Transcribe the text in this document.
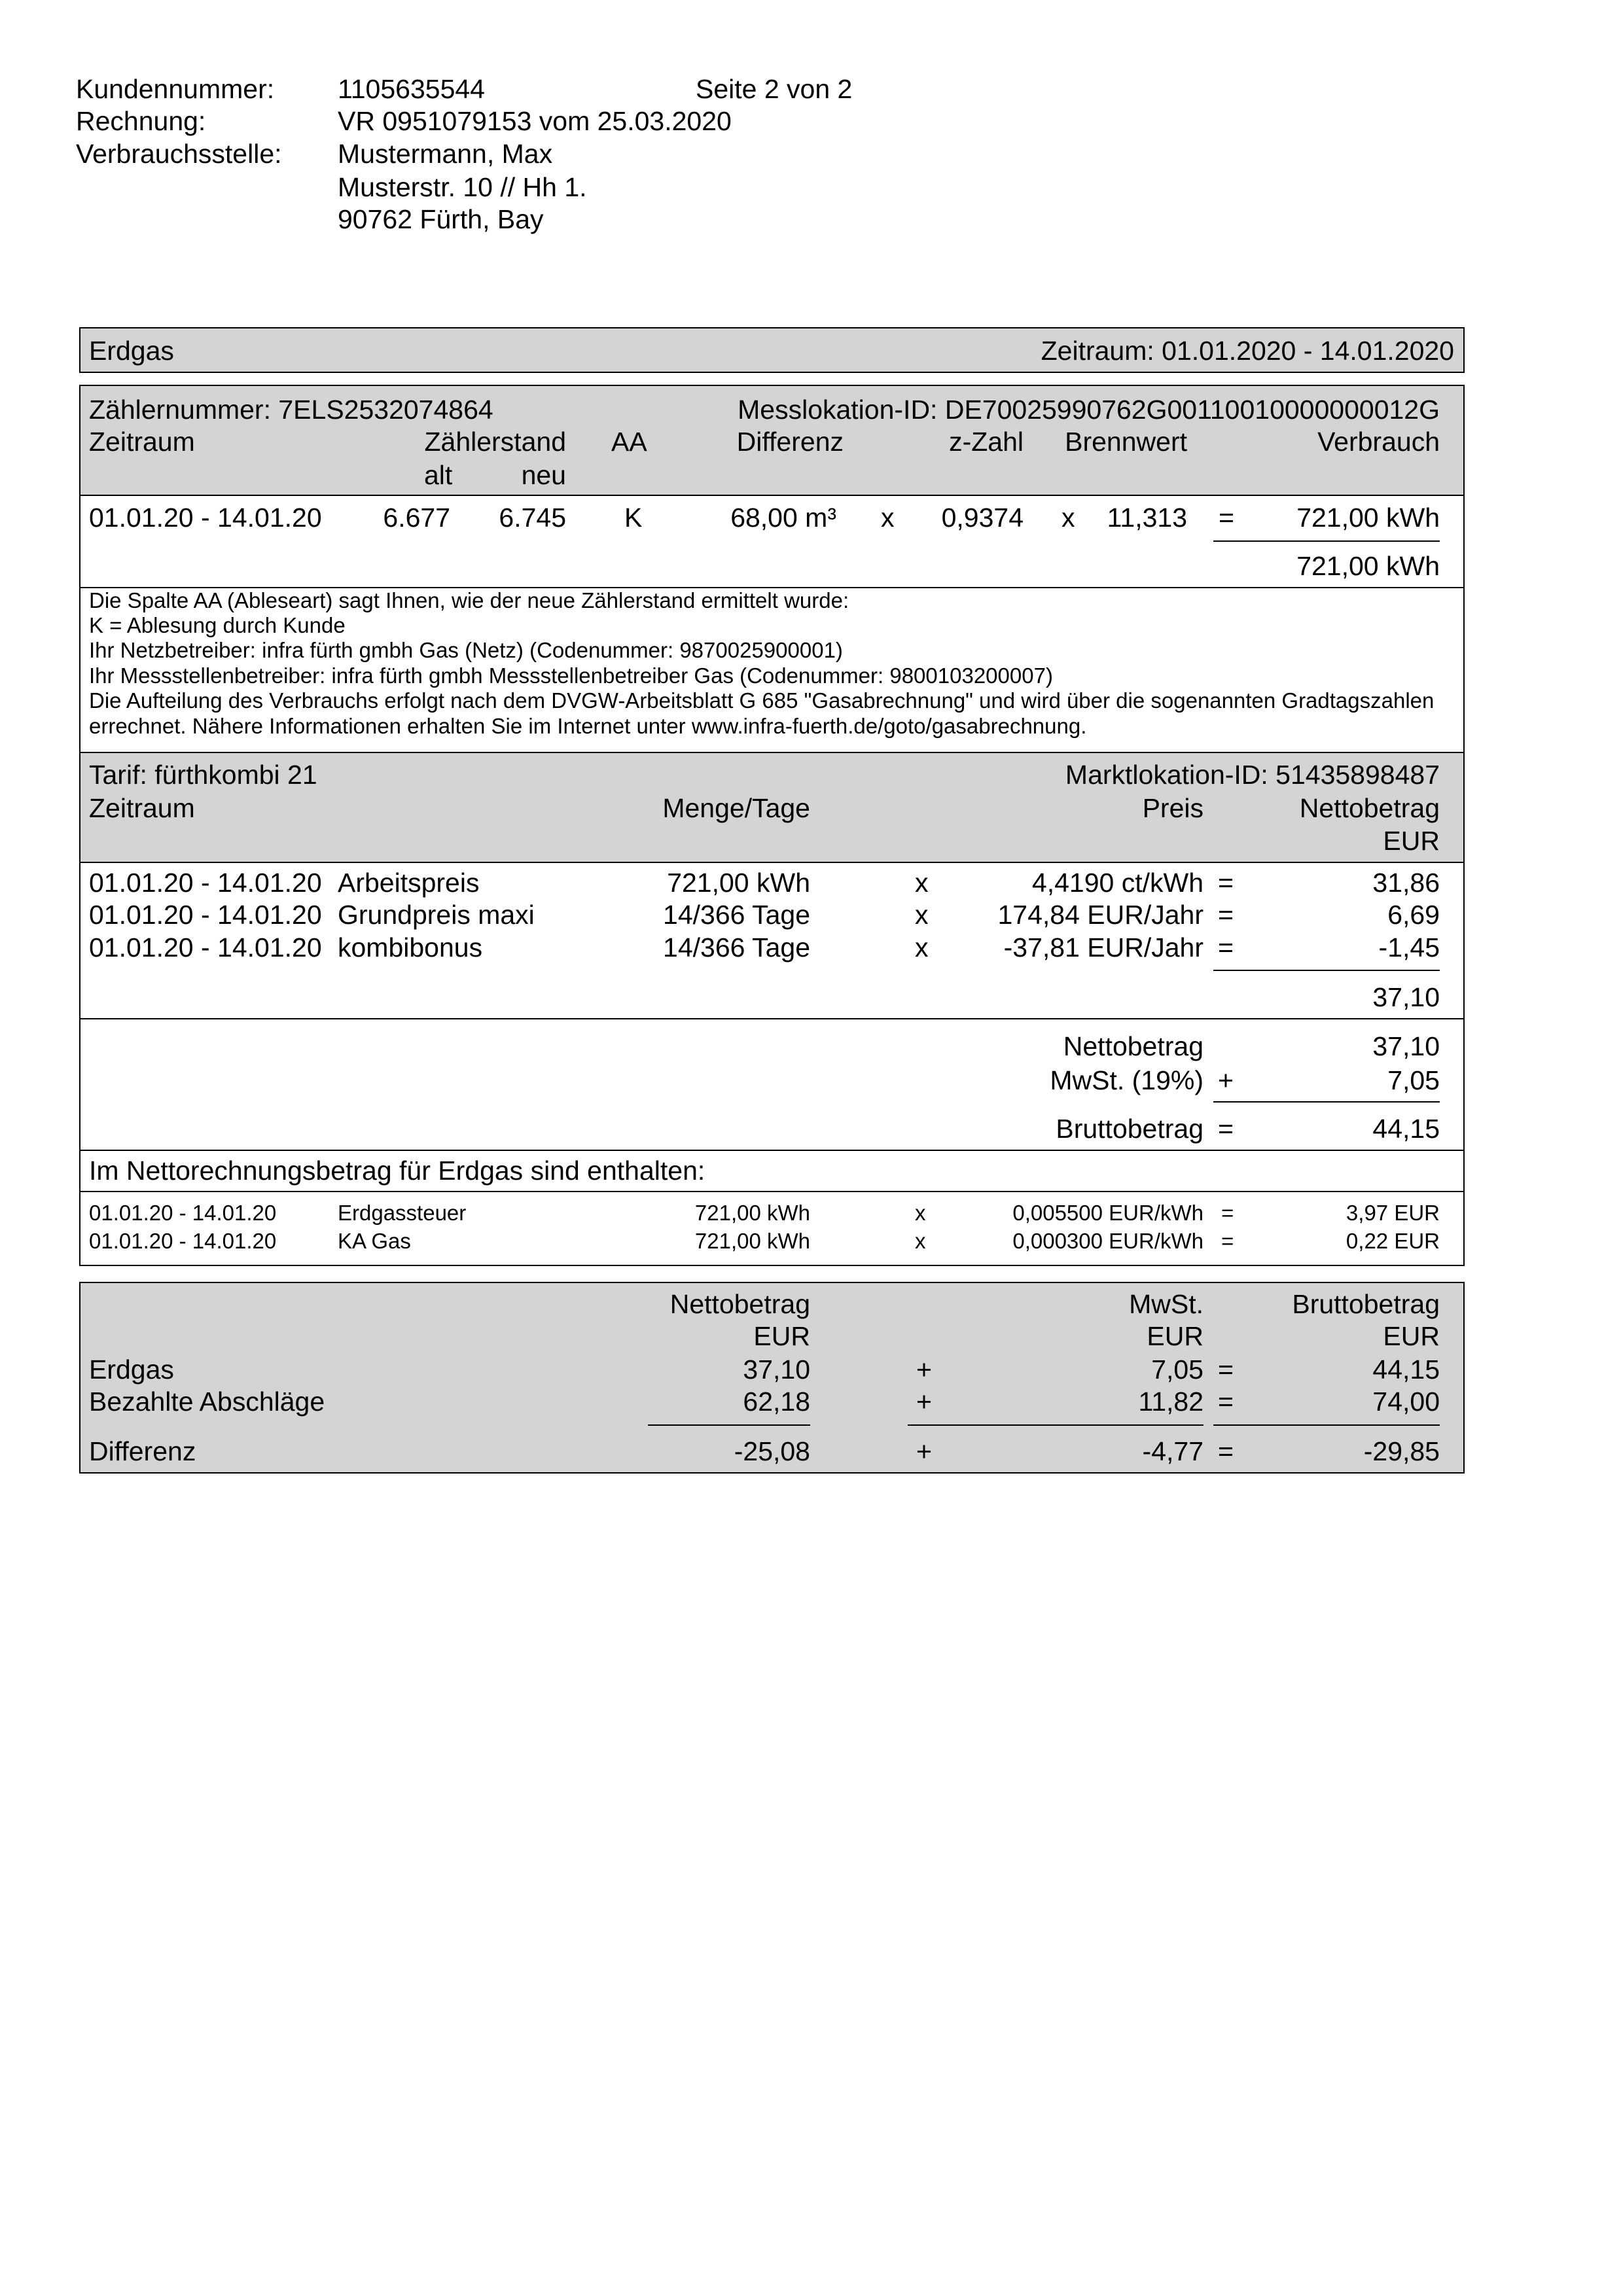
Kundennummer: 1105635544	Seite 2 von 2
Rechnung:	VR 0951079153 vom 25.03.2020
Verbrauchsstelle: Mustermann, Max
Musterstr. 10 // Hh 1.
90762 Fürth, Bay
Erdgas	Zeitraum: 01.01.2020 - 14.01.2020
Zählernummer: 7ELS2532074864	Messlokation-ID: DE70025990762G00110010000000012G
Zeitraum	Zählerstand AA	Differenz	z-Zahl Brennwert	Verbrauch
alt	neu
01.01.20 - 14.01.20 6.677 6.745 K	68,00 m³ x 0,9374 x 11,313 = 721,00 kWh
721,00 kWh
Die Spalte AA (Ableseart) sagt Ihnen, wie der neue Zählerstand ermittelt wurde:
K = Ablesung durch Kunde
Ihr Netzbetreiber: infra fürth gmbh Gas (Netz) (Codenummer: 9870025900001)
Ihr Messstellenbetreiber: infra fürth gmbh Messstellenbetreiber Gas (Codenummer: 9800103200007)
Die Aufteilung des Verbrauchs erfolgt nach dem DVGW-Arbeitsblatt G 685 "Gasabrechnung" und wird über die sogenannten Gradtagszahlen
errechnet. Nähere Informationen erhalten Sie im Internet unter www.infra-fuerth.de/goto/gasabrechnung.
Tarif: fürthkombi 21	Marktlokation-ID: 51435898487
Zeitraum	Menge/Tage	Preis	Nettobetrag
EUR
01.01.20 - 14.01.20 Arbeitspreis	721,00 kWh	x	4,4190 ct/kWh =	31,86
01.01.20 - 14.01.20 Grundpreis maxi	14/366 Tage	x	174,84 EUR/Jahr =	6,69
01.01.20 - 14.01.20 kombibonus	14/366 Tage	x	-37,81 EUR/Jahr =	-1,45
37,10
Nettobetrag	37,10
MwSt. (19%) +	7,05
Bruttobetrag =	44,15
Im Nettorechnungsbetrag für Erdgas sind enthalten:
01.01.20 - 14.01.20	Erdgassteuer	721,00 kWh	x	0,005500 EUR/kWh =	3,97 EUR
01.01.20 - 14.01.20	KA Gas	721,00 kWh	x	0,000300 EUR/kWh =	0,22 EUR
Nettobetrag	MwSt.	Bruttobetrag
EUR	EUR	EUR
Erdgas	37,10	+	7,05 =	44,15
Bezahlte Abschläge	62,18	+	11,82 =	74,00
Differenz	-25,08	+	-4,77 =	-29,85
